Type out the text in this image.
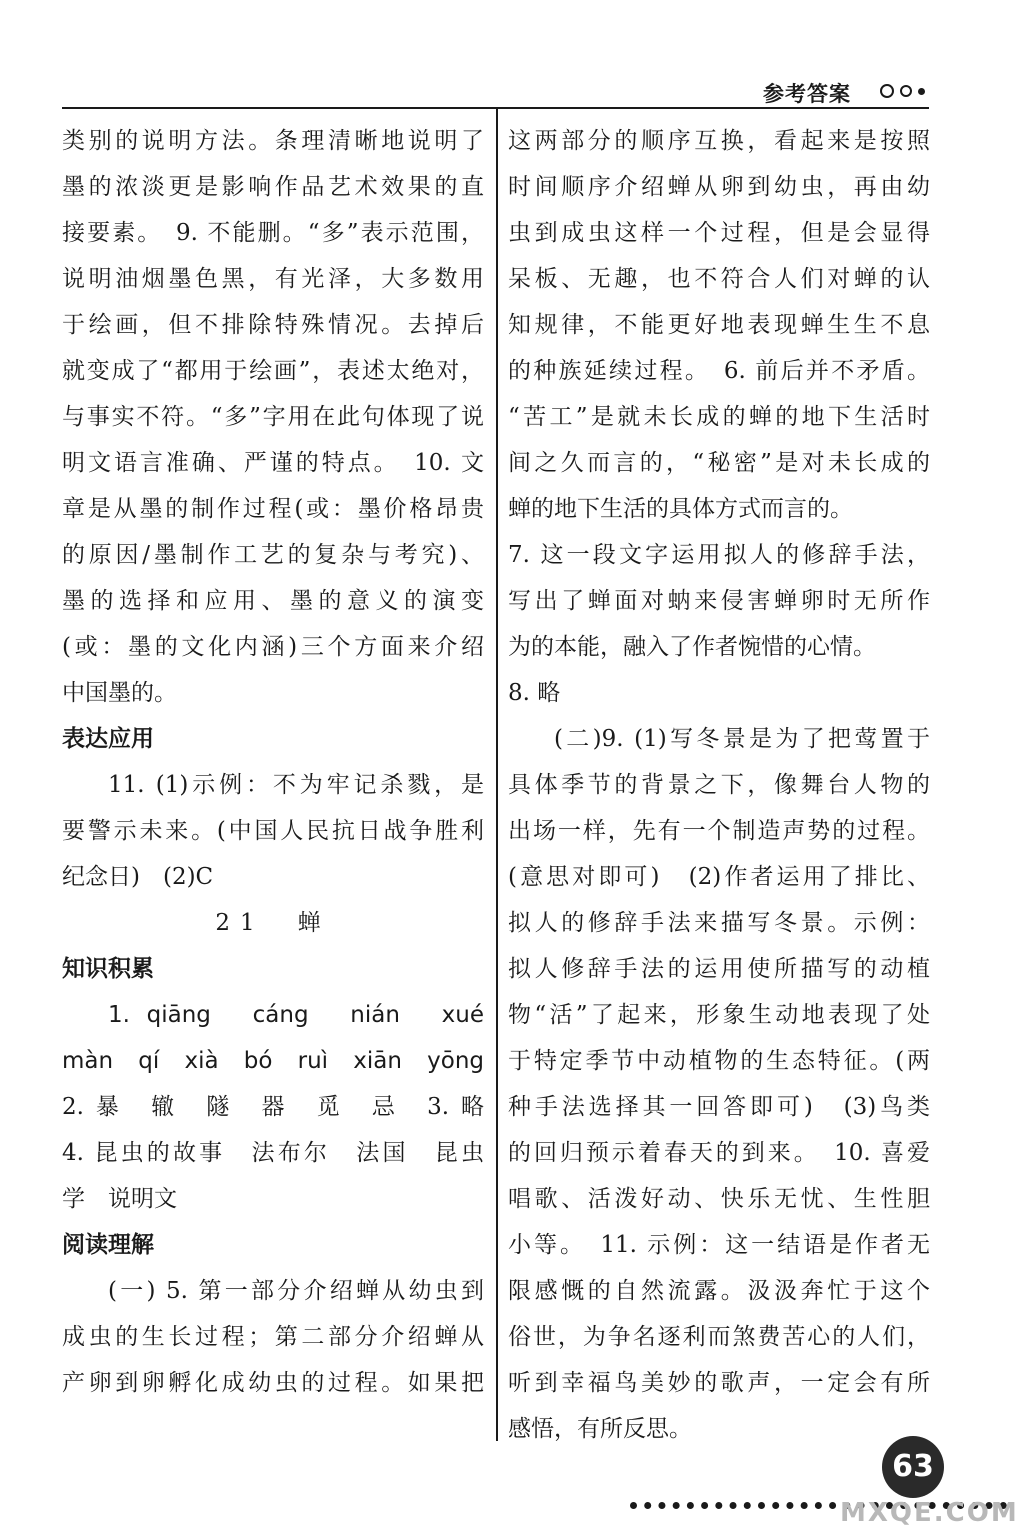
参考答案
类别的说明方法。条理清晰地说明了
墨的浓淡更是影响作品艺术效果的直
接要素。　9. 不能删。“多”表示范围，
说明油烟墨色黑，有光泽，大多数用
于绘画，但不排除特殊情况。去掉后
就变成了“都用于绘画”，表述太绝对，
与事实不符。“多”字用在此句体现了说
明文语言准确、严谨的特点。　10. 文
章是从墨的制作过程(或：墨价格昂贵
的原因/墨制作工艺的复杂与考究)、
墨的选择和应用、墨的意义的演变
(或：墨的文化内涵)三个方面来介绍
中国墨的。
表达应用
11. (1)示例：不为牢记杀戮，是
要警示未来。(中国人民抗日战争胜利
纪念日)　(2)C
21　蝉
知识积累
1. qiāng　cáng　nián　xué
màn　qí　xià　bó　ruì　xiān　yōng
2. 暴　辙　隧　器　觅　忌　3. 略
4. 昆虫的故事　法布尔　法国　昆虫
学　说明文
阅读理解
(一) 5. 第一部分介绍蝉从幼虫到
成虫的生长过程；第二部分介绍蝉从
产卵到卵孵化成幼虫的过程。如果把
这两部分的顺序互换，看起来是按照
时间顺序介绍蝉从卵到幼虫，再由幼
虫到成虫这样一个过程，但是会显得
呆板、无趣，也不符合人们对蝉的认
知规律，不能更好地表现蝉生生不息
的种族延续过程。　6. 前后并不矛盾。
“苦工”是就未长成的蝉的地下生活时
间之久而言的，“秘密”是对未长成的
蝉的地下生活的具体方式而言的。
7. 这一段文字运用拟人的修辞手法，
写出了蝉面对蚋来侵害蝉卵时无所作
为的本能，融入了作者惋惜的心情。
8. 略
(二)9. (1)写冬景是为了把莺置于
具体季节的背景之下，像舞台人物的
出场一样，先有一个制造声势的过程。
(意思对即可)　(2)作者运用了排比、
拟人的修辞手法来描写冬景。示例：
拟人修辞手法的运用使所描写的动植
物“活”了起来，形象生动地表现了处
于特定季节中动植物的生态特征。(两
种手法选择其一回答即可)　(3)鸟类
的回归预示着春天的到来。　10. 喜爱
唱歌、活泼好动、快乐无忧、生性胆
小等。　11. 示例：这一结语是作者无
限感慨的自然流露。汲汲奔忙于这个
俗世，为争名逐利而煞费苦心的人们，
听到幸福鸟美妙的歌声，一定会有所
感悟，有所反思。
63
MXQE.COM
